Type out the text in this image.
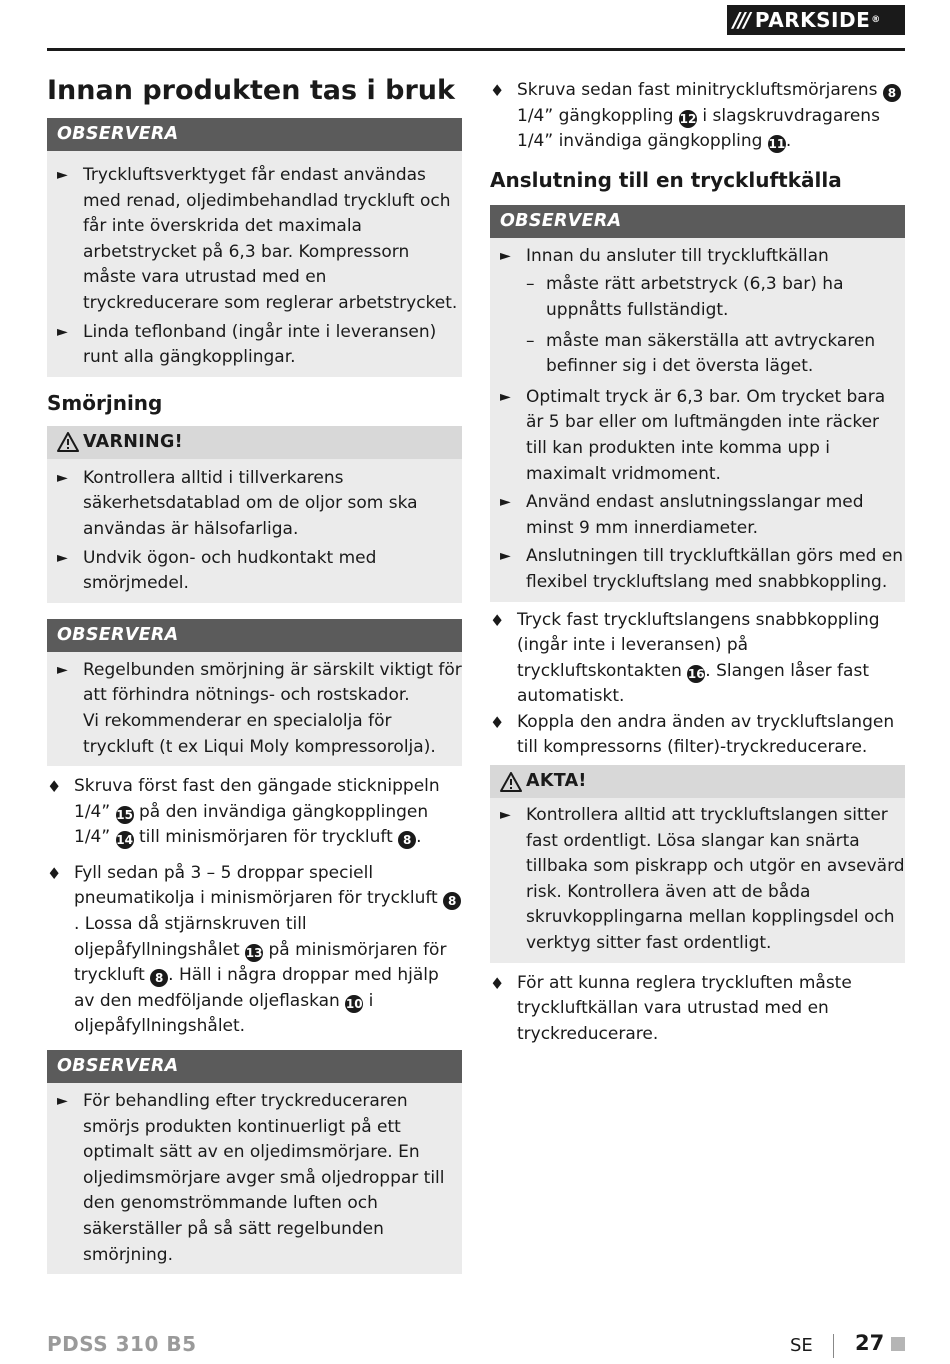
/// PARKSIDE ®
Innan produkten tas i bruk
OBSERVERA
► Tryckluftsverktyget får endast användas med renad, oljedimbehandlad tryckluft och får inte överskrida det maximala arbetstrycket på 6,3 bar. Kompressorn måste vara utrustad med en tryckreducerare som reglerar arbetstrycket.
► Linda teflonband (ingår inte i leveransen) runt alla gängkopplingar.
Smörjning
VARNING!
► Kontrollera alltid i tillverkarens säkerhetsdatablad om de oljor som ska användas är hälsofarliga.
► Undvik ögon- och hudkontakt med smörjmedel.
OBSERVERA
► Regelbunden smörjning är särskilt viktigt för att förhindra nötnings- och rostskador.
Vi rekommenderar en specialolja för tryckluft (t ex Liqui Moly kompressorolja).
♦ Skruva först fast den gängade sticknippeln 1/4” 15 på den invändiga gängkopplingen 1/4” 14 till minismörjaren för tryckluft 8 .
♦ Fyll sedan på 3 – 5 droppar speciell pneumatikolja i minismörjaren för tryckluft 8. Lossa då stjärnskruven till oljepåfyllningshålet 13 på minismörjaren för tryckluft 8 . Häll i några droppar med hjälp av den medföljande oljeflaskan 10 i oljepåfyllningshålet.
OBSERVERA
► För behandling efter tryckreduceraren smörjs produkten kontinuerligt på ett optimalt sätt av en oljedimsmörjare. En oljedimsmörjare avger små oljedroppar till den genomströmmande luften och säkerställer på så sätt regelbunden smörjning.
♦ Skruva sedan fast minitryckluftsmörjarens 8 1/4” gängkoppling 12 i slagskruvdragarens 1/4” invändiga gängkoppling 11.
Anslutning till en tryckluftkälla
OBSERVERA
► Innan du ansluter till tryckluftkällan
– måste rätt arbetstryck (6,3 bar) ha uppnåtts fullständigt.
– måste man säkerställa att avtryckaren befinner sig i det översta läget.
► Optimalt tryck är 6,3 bar. Om trycket bara är 5 bar eller om luftmängden inte räcker till kan produkten inte komma upp i maximalt vridmoment.
► Använd endast anslutningsslangar med minst 9 mm innerdiameter.
► Anslutningen till tryckluftkällan görs med en flexibel tryckluftslang med snabbkoppling.
♦ Tryck fast tryckluftslangens snabbkoppling (ingår inte i leveransen) på tryckluftskontakten 16. Slangen låser fast automatiskt.
♦ Koppla den andra änden av tryckluftslangen till kompressorns (filter)-tryckreducerare.
AKTA!
► Kontrollera alltid att tryckluftslangen sitter fast ordentligt. Lösa slangar kan snärta tillbaka som piskrapp och utgör en avsevärd risk. Kontrollera även att de båda skruvkopplingarna mellan kopplingsdel och verktyg sitter fast ordentligt.
♦ För att kunna reglera tryckluften måste tryckluftkällan vara utrustad med en tryckreducerare.
PDSS 310 B5	SE 27
